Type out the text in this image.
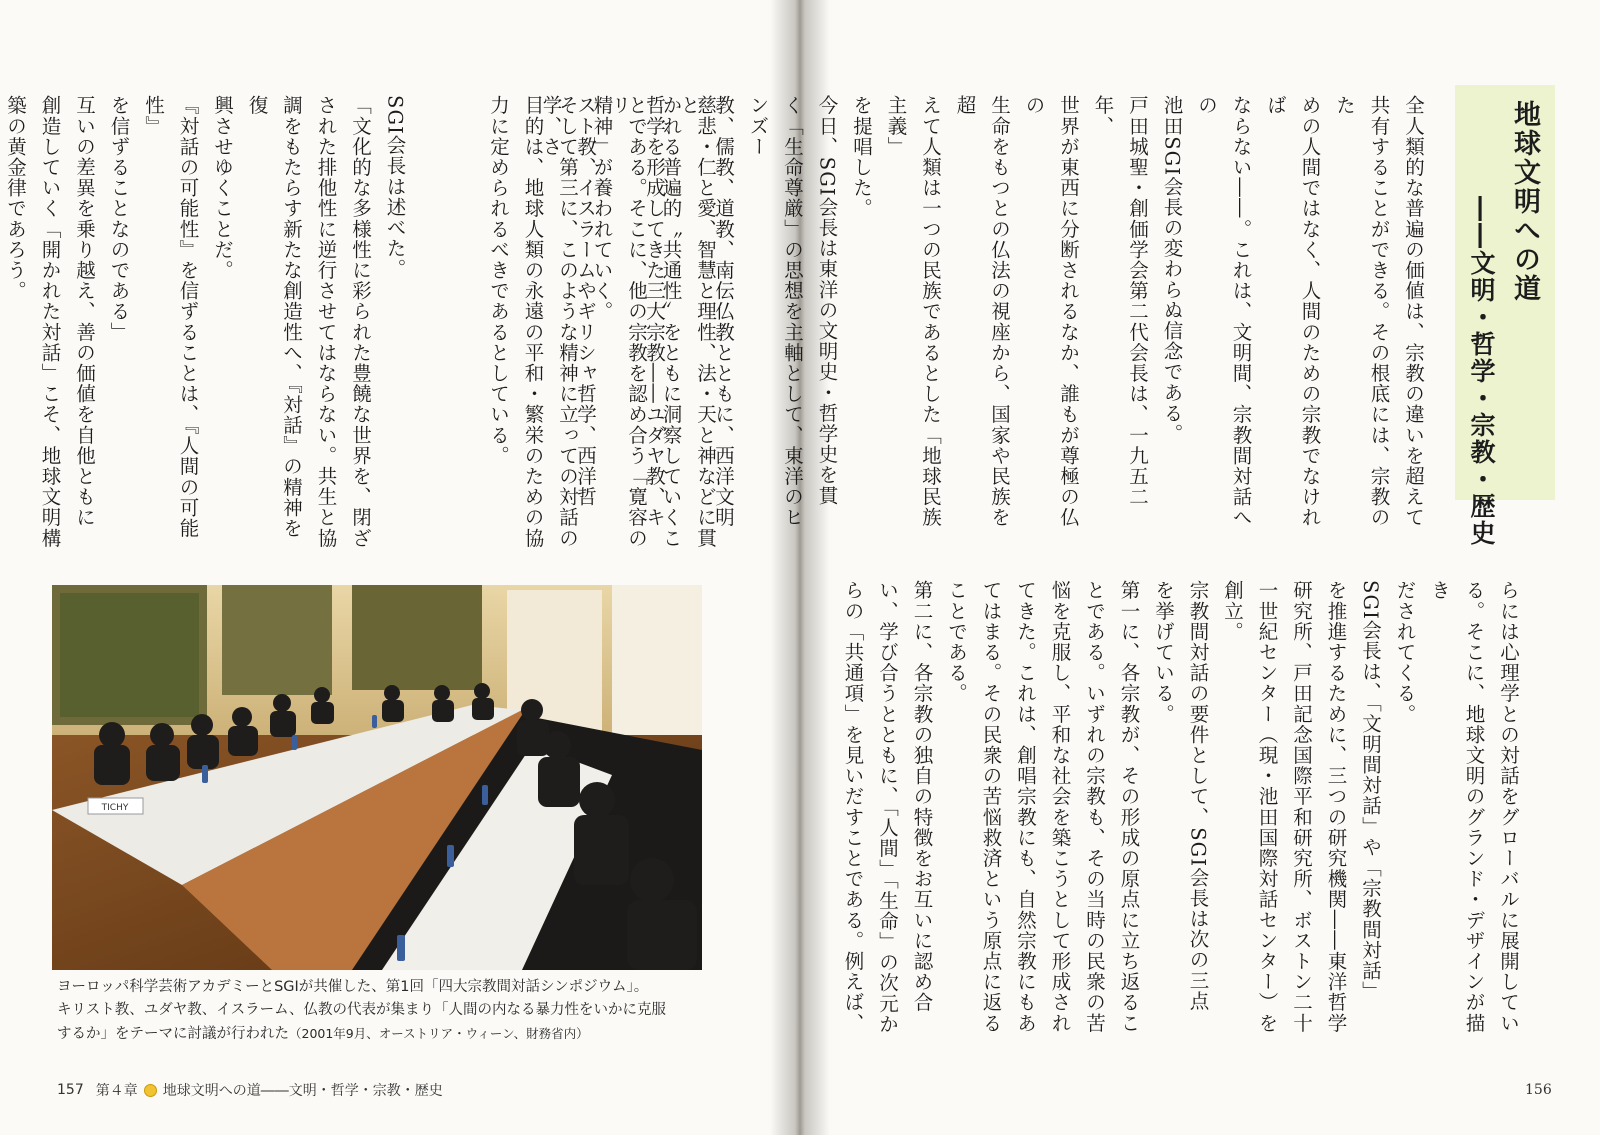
地球文明への道
――文明・哲学・宗教・歴史
全人類的な普遍の価値は、宗教の違いを超えて
共有することができる。その根底には、宗教のた
めの人間ではなく、人間のための宗教でなければ
ならない――。これは、文明間、宗教間対話への
池田SGI会長の変わらぬ信念である。
戸田城聖・創価学会第二代会長は、一九五二年、
世界が東西に分断されるなか、誰もが尊極の仏の
生命をもつとの仏法の視座から、国家や民族を超
えて人類は一つの民族であるとした「地球民族主義」
を提唱した。
今日、SGI会長は東洋の文明史・哲学史を貫
く「生命尊厳」の思想を主軸として、東洋のヒンズー
教、儒教、道教、南伝仏教とともに、西洋文明と
哲学を形成してきた三大宗教――ユダヤ教、キリ
スト教、イスラームやギリシャ哲学、西洋哲学、さ
らには心理学との対話をグローバルに展開してい
る。そこに、地球文明のグランド・デザインが描き
だされてくる。
SGI会長は、「文明間対話」や「宗教間対話」
を推進するために、三つの研究機関――東洋哲学
研究所、戸田記念国際平和研究所、ボストン二十
一世紀センター（現・池田国際対話センター）を創立。
宗教間対話の要件として、SGI会長は次の三点
を挙げている。
第一に、各宗教が、その形成の原点に立ち返るこ
とである。いずれの宗教も、その当時の民衆の苦
悩を克服し、平和な社会を築こうとして形成され
てきた。これは、創唱宗教にも、自然宗教にもあ
てはまる。その民衆の苦悩救済という原点に返る
ことである。
第二に、各宗教の独自の特徴をお互いに認め合
い、学び合うとともに、「人間」「生命」の次元か
らの「共通項」を見いだすことである。例えば、
慈悲・仁と愛、智慧と理性、法・天と神などに貫
かれる普遍的〝共通性〟をともに洞察していくこ
とである。そこに、他の宗教を認め合う「寛容の
精神」が養われていく。
そして第三に、このような精神に立っての対話の
目的は、地球人類の永遠の平和・繁栄のための協
力に定められるべきであるとしている。

SGI会長は述べた。
「文化的な多様性に彩られた豊饒な世界を、閉ざ
された排他性に逆行させてはならない。共生と協
調をもたらす新たな創造性へ、『対話』の精神を復
興させゆくことだ。
『対話の可能性』を信ずることは、『人間の可能性』
を信ずることなのである」
互いの差異を乗り越え、善の価値を自他ともに
創造していく「開かれた対話」こそ、地球文明構
築の黄金律であろう。
TICHY
ヨーロッパ科学芸術アカデミーとSGIが共催した、第1回「四大宗教間対話シンポジウム」。
キリスト教、ユダヤ教、イスラーム、仏教の代表が集まり「人間の内なる暴力性をいかに克服
するか」をテーマに討議が行われた（2001年9月、オーストリア・ウィーン、財務省内）
157 第４章 地球文明への道――文明・哲学・宗教・歴史	156
